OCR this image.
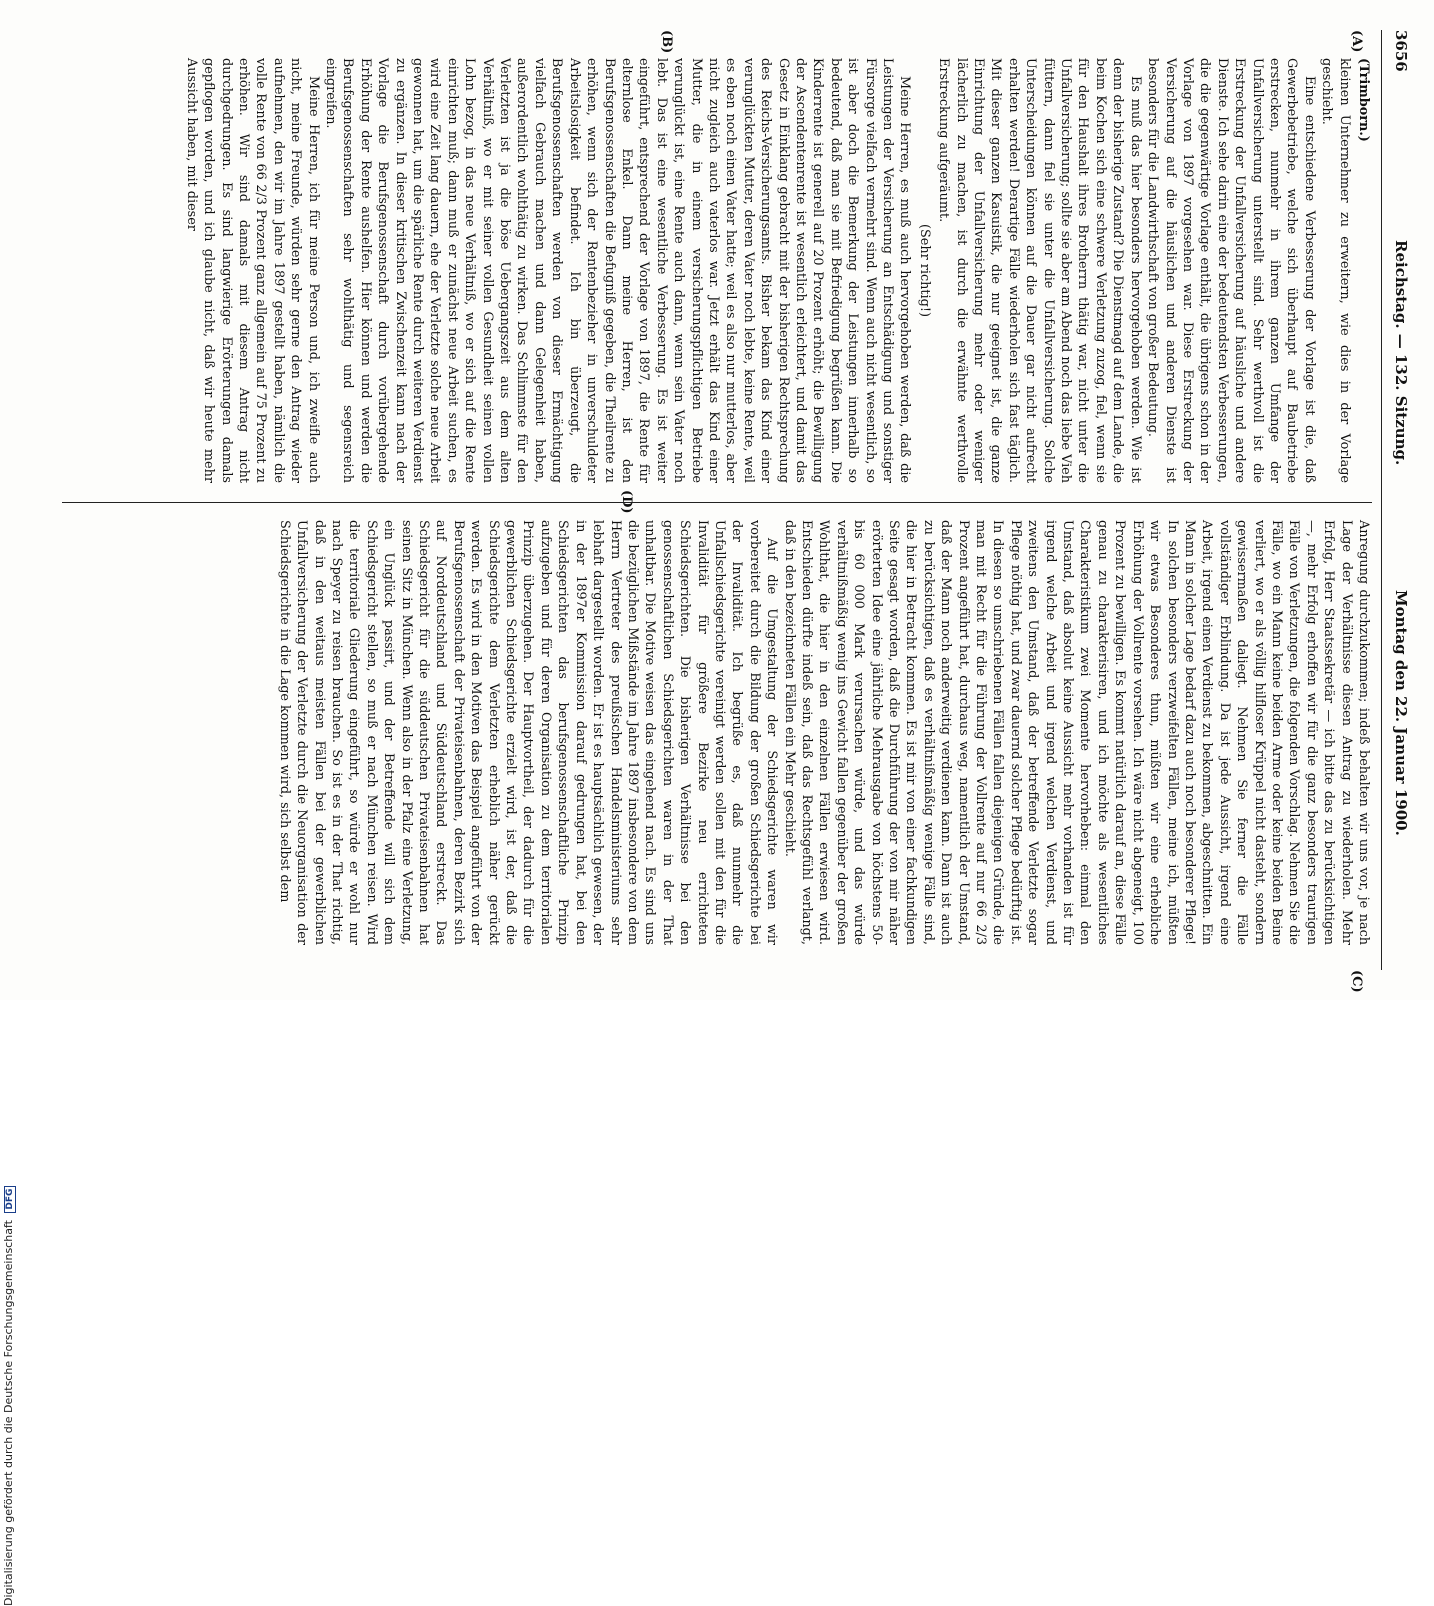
3656
Reichstag. — 132. Sitzung.
Montag den 22. Januar 1900.
(A)
(B)
(C)
(D)
(Trimborn.)

kleinen Unternehmer zu erweitern, wie dies in der Vorlage geschieht.

Eine entschiedene Verbesserung der Vorlage ist die, daß Gewerbebetriebe, welche sich überhaupt auf Baubetriebe erstrecken, nunmehr in ihrem ganzen Umfange der Unfallversicherung unterstellt sind. Sehr werthvoll ist die Erstreckung der Unfallversicherung auf häusliche und andere Dienste. Ich sehe darin eine der bedeutendsten Verbesserungen, die die gegenwärtige Vorlage enthält, die übrigens schon in der Vorlage von 1897 vorgesehen war. Diese Erstreckung der Versicherung auf die häuslichen und anderen Dienste ist besonders für die Landwirthschaft von großer Bedeutung.

Es muß das hier besonders hervorgehoben werden. Wie ist denn der bisherige Zustand? Die Dienstmagd auf dem Lande, die beim Kochen sich eine schwere Verletzung zuzog, fiel, wenn sie für den Haushalt ihres Brotherrn thätig war, nicht unter die Unfallversicherung; sollte sie aber am Abend noch das liebe Vieh füttern, dann fiel sie unter die Unfallversicherung. Solche Unterscheidungen können auf die Dauer gar nicht aufrecht erhalten werden! Derartige Fälle wiederholen sich fast täglich. Mit dieser ganzen Kasuistik, die nur geeignet ist, die ganze Einrichtung der Unfallversicherung mehr oder weniger lächerlich zu machen, ist durch die erwähnte werthvolle Erstreckung aufgeräumt.

(Sehr richtig!)

Meine Herren, es muß auch hervorgehoben werden, daß die Leistungen der Versicherung an Entschädigung und sonstiger Fürsorge vielfach vermehrt sind. Wenn auch nicht wesentlich, so ist aber doch die Bemerkung der Leistungen innerhalb so bedeutend, daß man sie mit Befriedigung begrüßen kann. Die Kinderrente ist generell auf 20 Prozent erhöht; die Bewilligung der Ascendentenrente ist wesentlich erleichtert, und damit das Gesetz in Einklang gebracht mit der bisherigen Rechtsprechung des Reichs-Versicherungsamts. Bisher bekam das Kind einer verunglückten Mutter, deren Vater noch lebte, keine Rente, weil es eben noch einen Vater hatte; weil es also nur mutterlos, aber nicht zugleich auch vaterlos war. Jetzt erhält das Kind einer Mutter, die in einem versicherungspflichtigen Betriebe verunglückt ist, eine Rente auch dann, wenn sein Vater noch lebt. Das ist eine wesentliche Verbesserung. Es ist weiter eingeführt, entsprechend der Vorlage von 1897, die Rente für elternlose Enkel. Dann meine Herren, ist den Berufsgenossenschaften die Befugniß gegeben, die Theilrente zu erhöhen, wenn sich der Rentenbezieher in unverschuldeter Arbeitslosigkeit befindet. Ich bin überzeugt, die Berufsgenossenschaften werden von dieser Ermächtigung vielfach Gebrauch machen und dann Gelegenheit haben, außerordentlich wohlthätig zu wirken. Das Schlimmste für den Verletzten ist ja die böse Uebergangszeit aus dem alten Verhältniß, wo er mit seiner vollen Gesundheit seinen vollen Lohn bezog, in das neue Verhältniß, wo er sich auf die Rente einrichten muß; dann muß er zunächst neue Arbeit suchen, es wird eine Zeit lang dauern, ehe der Verletzte solche neue Arbeit gewonnen hat, um die spärliche Rente durch weiteren Verdienst zu ergänzen. In dieser kritischen Zwischenzeit kann nach der Vorlage die Berufsgenossenschaft durch vorübergehende Erhöhung der Rente aushelfen. Hier können und werden die Berufsgenossenschaften sehr wohlthätig und segensreich eingreifen.

Meine Herren, ich für meine Person und, ich zweifle auch nicht, meine Freunde, würden sehr gerne den Antrag wieder aufnehmen, den wir im Jahre 1897 gestellt haben, nämlich die volle Rente von 66 2/3 Prozent ganz allgemein auf 75 Prozent zu erhöhen. Wir sind damals mit diesem Antrag nicht durchgedrungen. Es sind langwierige Erörterungen damals gepflogen worden, und ich glaube nicht, daß wir heute mehr Aussicht haben, mit dieser

Anregung durchzukommen; indeß behalten wir uns vor, je nach Lage der Verhältnisse diesen Antrag zu wiederholen. Mehr Erfolg, Herr Staatssekretär — ich bitte das zu berücksichtigen —, mehr Erfolg erhoffen wir für die ganz besonders traurigen Fälle von Verletzungen, die folgenden Vorschlag. Nehmen Sie die Fälle, wo ein Mann keine beiden Arme oder keine beiden Beine verliert, wo er als völlig hilfloser Krüppel nicht dasteht, sondern gewissermaßen daliegt. Nehmen Sie ferner die Fälle vollständiger Erblindung. Da ist jede Aussicht, irgend eine Arbeit, irgend einen Verdienst zu bekommen, abgeschnitten. Ein Mann in solcher Lage bedarf dazu auch noch besonderer Pflege! In solchen besonders verzweifelten Fällen, meine ich, müßten wir etwas Besonderes thun, müßten wir eine erhebliche Erhöhung der Vollrente vorsehen. Ich wäre nicht abgeneigt, 100 Prozent zu bewilligen. Es kommt natürlich darauf an, diese Fälle genau zu charakterisiren, und ich möchte als wesentliches Charakteristikum zwei Momente hervorheben: einmal den Umstand, daß absolut keine Aussicht mehr vorhanden ist für irgend welche Arbeit und irgend welchen Verdienst, und zweitens den Umstand, daß der betreffende Verletzte sogar Pflege nöthig hat, und zwar dauernd solcher Pflege bedürftig ist. In diesen so umschriebenen Fällen fallen diejenigen Gründe, die man mit Recht für die Führung der Vollrente auf nur 66 2/3 Prozent angeführt hat, durchaus weg, namentlich der Umstand, daß der Mann noch anderweitig verdienen kann. Dann ist auch zu berücksichtigen, daß es verhältnißmäßig wenige Fälle sind, die hier in Betracht kommen. Es ist mir von einer fachkundigen Seite gesagt worden, daß die Durchführung der von mir näher erörterten Idee eine jährliche Mehrausgabe von höchstens 50- bis 60 000 Mark verursachen würde, und das würde verhältnißmäßig wenig ins Gewicht fallen gegenüber der großen Wohlthat, die hier in den einzelnen Fällen erwiesen wird. Entschieden dürfte indeß sein, daß das Rechtsgefühl verlangt, daß in den bezeichneten Fällen ein Mehr geschieht.

Auf die Umgestaltung der Schiedsgerichte waren wir vorbereitet durch die Bildung der großen Schiedsgerichte bei der Invalidität. Ich begrüße es, daß nunmehr die Unfallschiedsgerichte vereinigt werden sollen mit den für die Invalidität für größere Bezirke neu errichteten Schiedsgerichten. Die bisherigen Verhältnisse bei den genossenschaftlichen Schiedsgerichten waren in der That unhaltbar. Die Motive weisen das eingehend nach. Es sind uns die bezüglichen Mißstände im Jahre 1897 insbesondere von dem Herrn Vertreter des preußischen Handelsministeriums sehr lebhaft dargestellt worden. Er ist es hauptsächlich gewesen, der in der 1897er Kommission darauf gedrungen hat, bei den Schiedsgerichten das berufsgenossenschaftliche Prinzip aufzugeben und für deren Organisation zu dem territorialen Prinzip überzugehen. Der Hauptvortheil, der dadurch für die gewerblichen Schiedsgerichte erzielt wird, ist der, daß die Schiedsgerichte dem Verletzten erheblich näher gerückt werden. Es wird in den Motiven das Beispiel angeführt von der Berufsgenossenschaft der Privateisenbahnen, deren Bezirk sich auf Norddeutschland und Süddeutschland erstreckt. Das Schiedsgericht für die süddeutschen Privateisenbahnen hat seinen Sitz in München. Wenn also in der Pfalz eine Verletzung, ein Unglück passirt, und der Betreffende will sich dem Schiedsgericht stellen, so muß er nach München reisen. Wird die territoriale Gliederung eingeführt, so würde er wohl nur nach Speyer zu reisen brauchen. So ist es in der That richtig, daß in den weitaus meisten Fällen bei der gewerblichen Unfallversicherung der Verletzte durch die Neuorganisation der Schiedsgerichte in die Lage kommen wird, sich selbst dem

Digitalisierung gefördert durch die Deutsche Forschungsgemeinschaft DFG
